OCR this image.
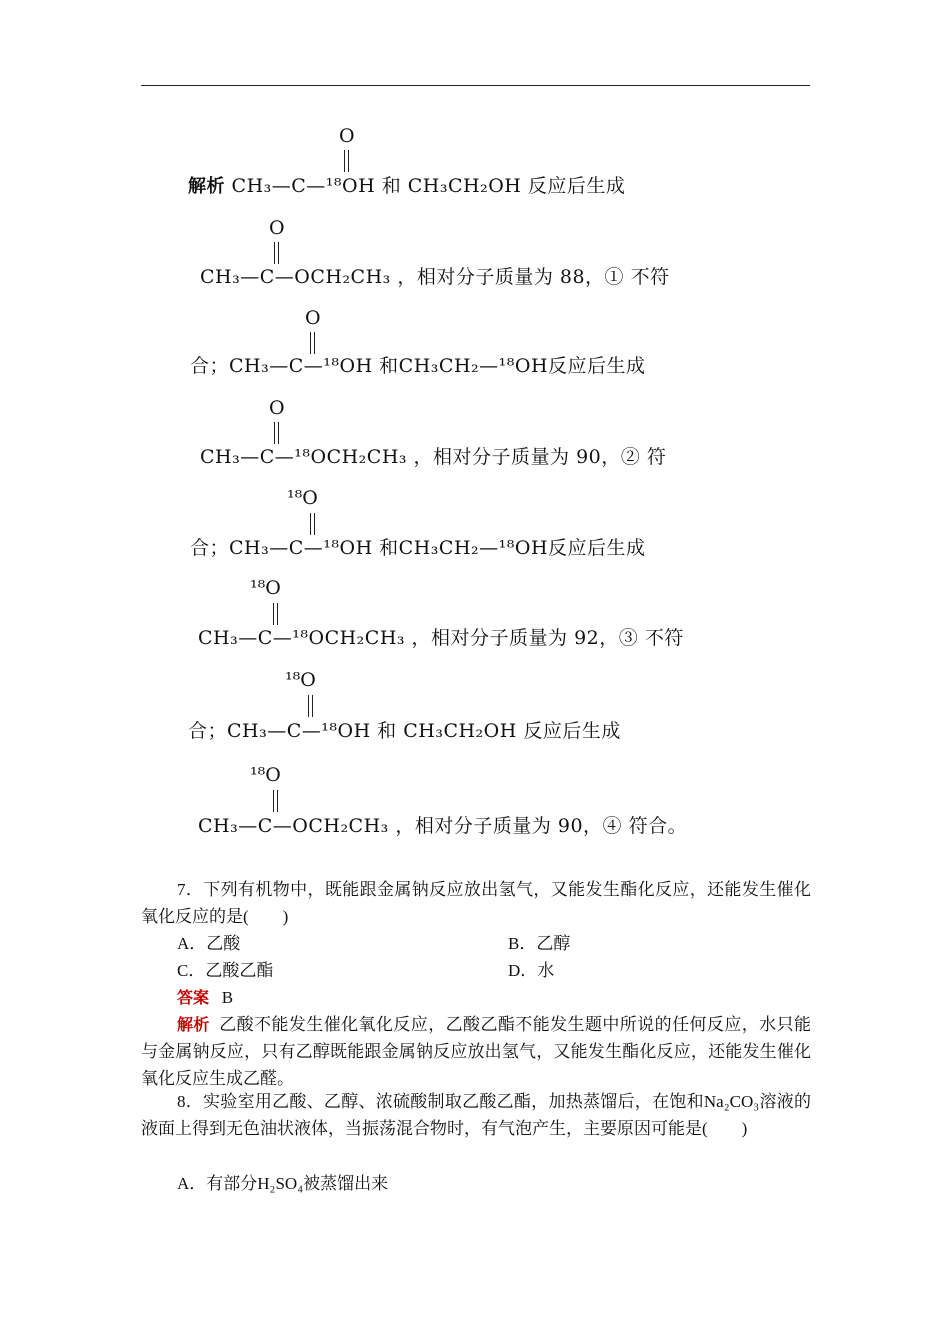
O
解析 CH₃—C—¹⁸OH 和 CH₃CH₂OH 反应后生成
O
CH₃—C—OCH₂CH₃ ，相对分子质量为 88，① 不符
O
合；CH₃—C—¹⁸OH 和CH₃CH₂—¹⁸OH反应后生成
O
CH₃—C—¹⁸OCH₂CH₃ ，相对分子质量为 90，② 符
¹⁸O
合；CH₃—C—¹⁸OH 和CH₃CH₂—¹⁸OH反应后生成
¹⁸O
CH₃—C—¹⁸OCH₂CH₃ ，相对分子质量为 92，③ 不符
¹⁸O
合；CH₃—C—¹⁸OH 和 CH₃CH₂OH 反应后生成
¹⁸O
CH₃—C—OCH₂CH₃ ，相对分子质量为 90，④ 符合。
7．下列有机物中，既能跟金属钠反应放出氢气，又能发生酯化反应，还能发生催化氧化反应的是(　　)
A．乙酸	B．乙醇
C．乙酸乙酯	D．水
答案 B
解析 乙酸不能发生催化氧化反应，乙酸乙酯不能发生题中所说的任何反应，水只能与金属钠反应，只有乙醇既能跟金属钠反应放出氢气，又能发生酯化反应，还能发生催化氧化反应生成乙醛。
8．实验室用乙酸、乙醇、浓硫酸制取乙酸乙酯，加热蒸馏后，在饱和Na₂CO₃溶液的液面上得到无色油状液体，当振荡混合物时，有气泡产生，主要原因可能是(　　)
A．有部分H₂SO₄被蒸馏出来
